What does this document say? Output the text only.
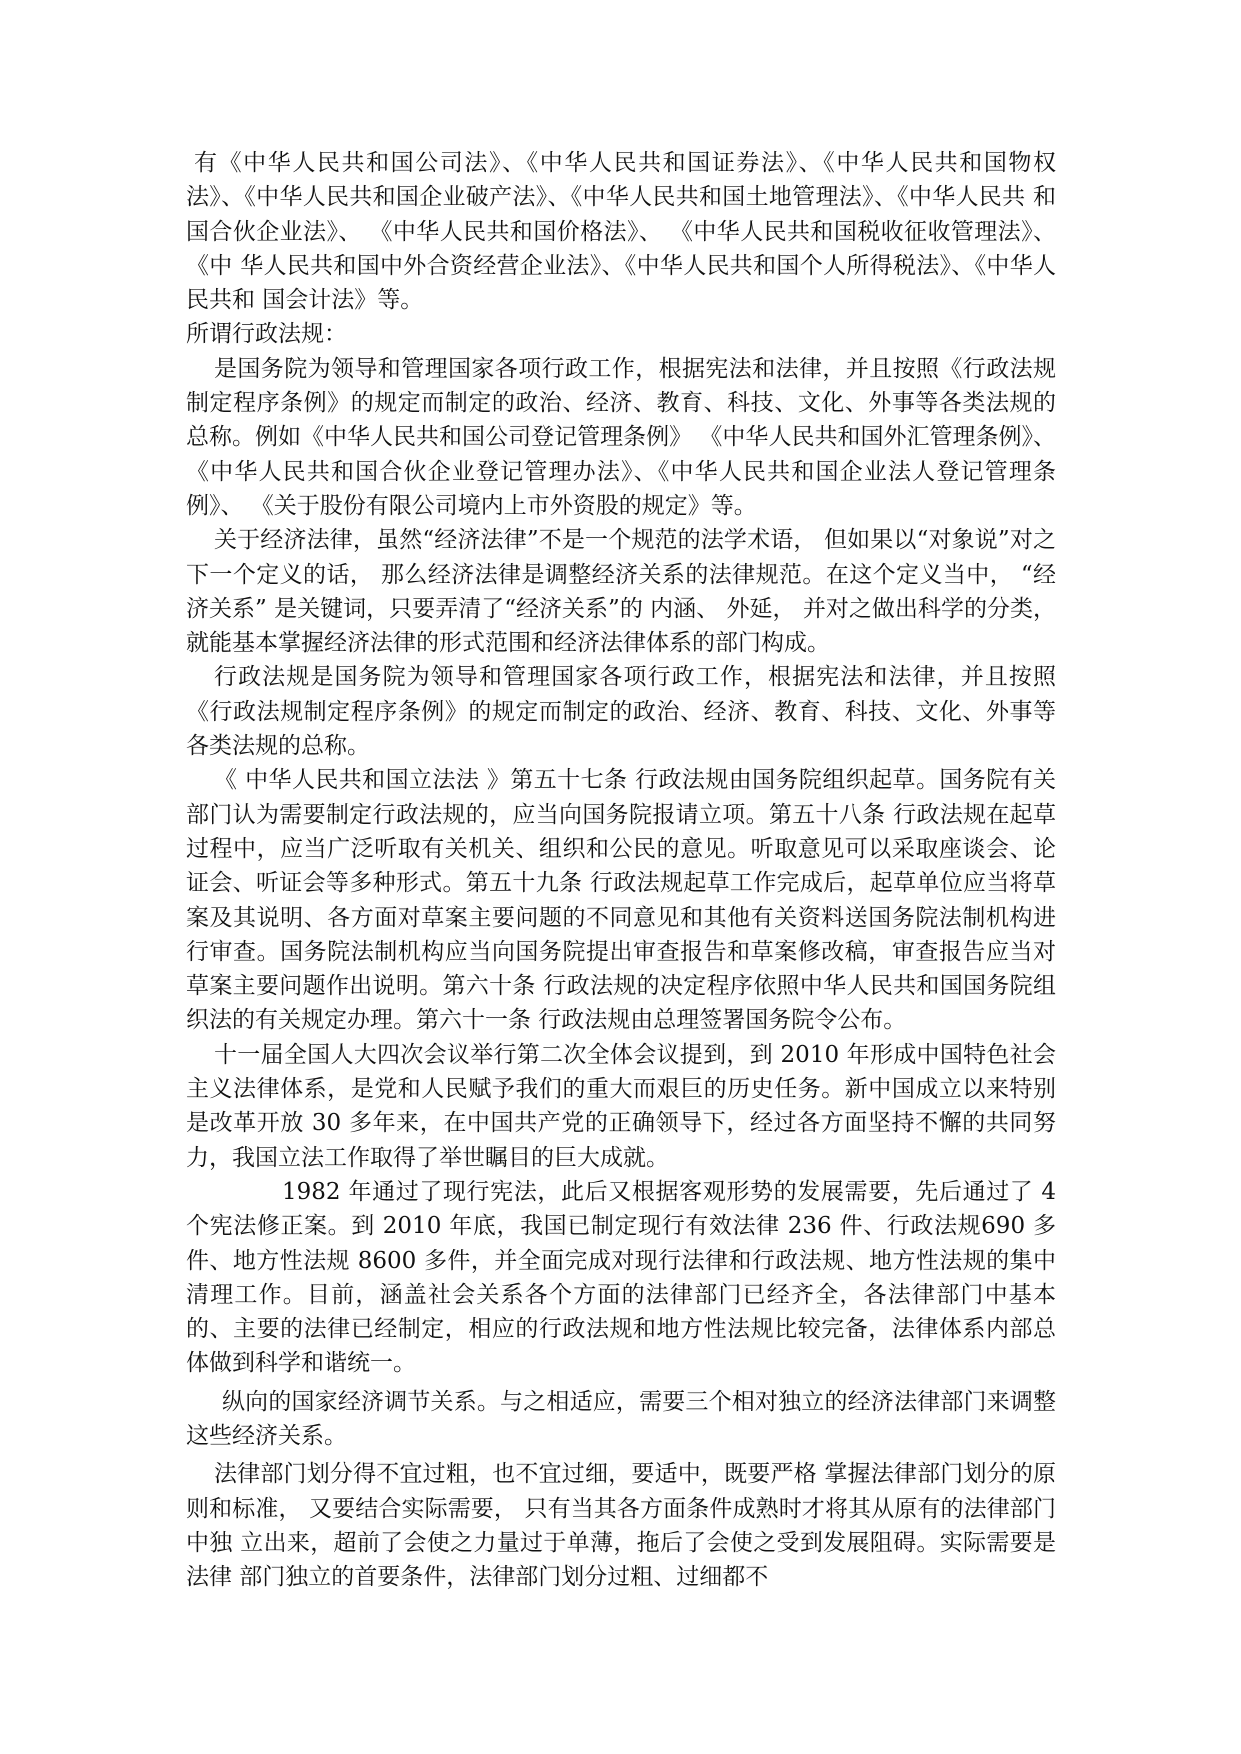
有《中华人民共和国公司法》、《中华人民共和国证券法》、《中华人民共和国物权法》、《中华人民共和国企业破产法》、《中华人民共和国土地管理法》、《中华人民共 和国合伙企业法》、 《中华人民共和国价格法》、 《中华人民共和国税收征收管理法》、 《中 华人民共和国中外合资经营企业法》、《中华人民共和国个人所得税法》、《中华人民共和 国会计法》等。

所谓行政法规：

是国务院为领导和管理国家各项行政工作，根据宪法和法律，并且按照《行政法规制定程序条例》的规定而制定的政治、经济、教育、科技、文化、外事等各类法规的总称。例如《中华人民共和国公司登记管理条例》 《中华人民共和国外汇管理条例》、《中华人民共和国合伙企业登记管理办法》、《中华人民共和国企业法人登记管理条例》、 《关于股份有限公司境内上市外资股的规定》等。

关于经济法律，虽然“经济法律”不是一个规范的法学术语， 但如果以“对象说”对之下一个定义的话， 那么经济法律是调整经济关系的法律规范。在这个定义当中， “经济关系” 是关键词，只要弄清了“经济关系”的 内涵、 外延， 并对之做出科学的分类， 就能基本掌握经济法律的形式范围和经济法律体系的部门构成。

行政法规是国务院为领导和管理国家各项行政工作，根据宪法和法律，并且按照《行政法规制定程序条例》的规定而制定的政治、经济、教育、科技、文化、外事等各类法规的总称。

《 中华人民共和国立法法 》第五十七条 行政法规由国务院组织起草。国务院有关部门认为需要制定行政法规的，应当向国务院报请立项。第五十八条 行政法规在起草过程中，应当广泛听取有关机关、组织和公民的意见。听取意见可以采取座谈会、论证会、听证会等多种形式。第五十九条 行政法规起草工作完成后，起草单位应当将草案及其说明、各方面对草案主要问题的不同意见和其他有关资料送国务院法制机构进行审查。国务院法制机构应当向国务院提出审查报告和草案修改稿，审查报告应当对草案主要问题作出说明。第六十条 行政法规的决定程序依照中华人民共和国国务院组织法的有关规定办理。第六十一条 行政法规由总理签署国务院令公布。

十一届全国人大四次会议举行第二次全体会议提到，到 2010 年形成中国特色社会主义法律体系，是党和人民赋予我们的重大而艰巨的历史任务。新中国成立以来特别是改革开放 30 多年来，在中国共产党的正确领导下，经过各方面坚持不懈的共同努力，我国立法工作取得了举世瞩目的巨大成就。

1982 年通过了现行宪法，此后又根据客观形势的发展需要，先后通过了 4 个宪法修正案。到 2010 年底，我国已制定现行有效法律 236 件、行政法规690 多件、地方性法规 8600 多件，并全面完成对现行法律和行政法规、地方性法规的集中清理工作。目前，涵盖社会关系各个方面的法律部门已经齐全，各法律部门中基本的、主要的法律已经制定，相应的行政法规和地方性法规比较完备，法律体系内部总体做到科学和谐统一。

纵向的国家经济调节关系。与之相适应，需要三个相对独立的经济法律部门来调整这些经济关系。

法律部门划分得不宜过粗，也不宜过细，要适中，既要严格 掌握法律部门划分的原则和标准， 又要结合实际需要， 只有当其各方面条件成熟时才将其从原有的法律部门中独 立出来，超前了会使之力量过于单薄，拖后了会使之受到发展阻碍。实际需要是法律 部门独立的首要条件，法律部门划分过粗、过细都不
